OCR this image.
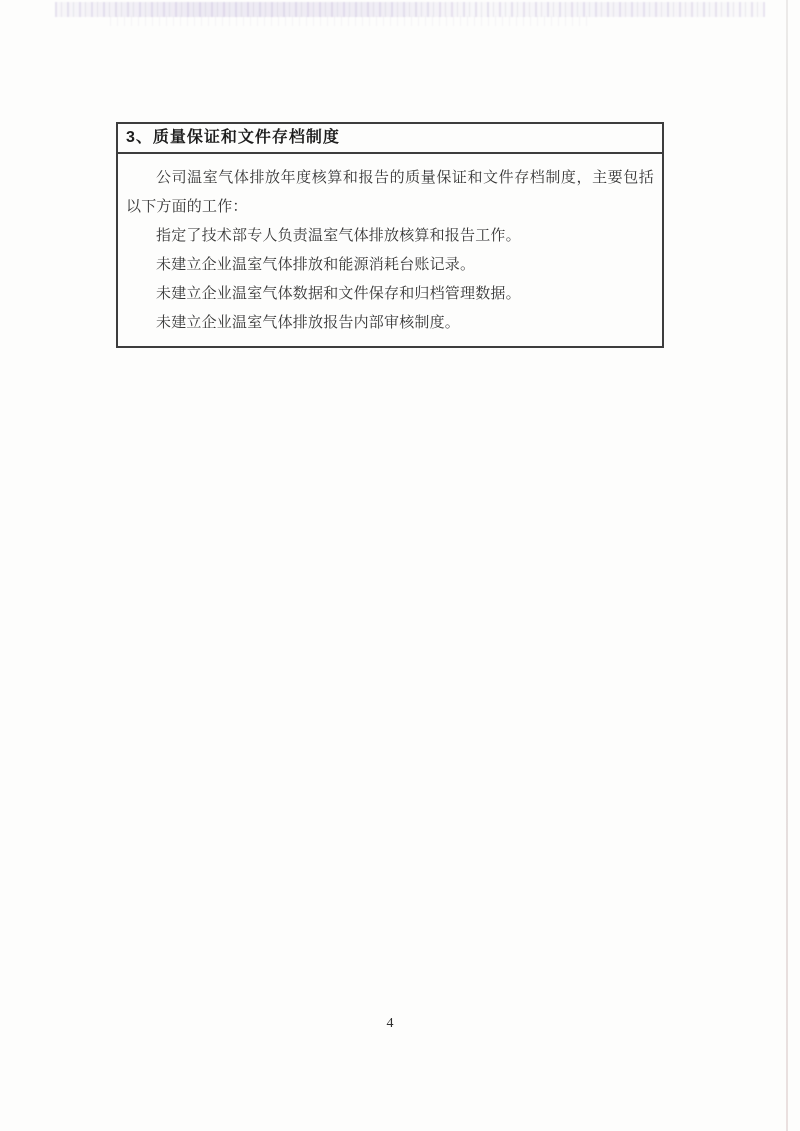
3、质量保证和文件存档制度

公司温室气体排放年度核算和报告的质量保证和文件存档制度，主要包括以下方面的工作：

指定了技术部专人负责温室气体排放核算和报告工作。

未建立企业温室气体排放和能源消耗台账记录。

未建立企业温室气体数据和文件保存和归档管理数据。

未建立企业温室气体排放报告内部审核制度。

4
